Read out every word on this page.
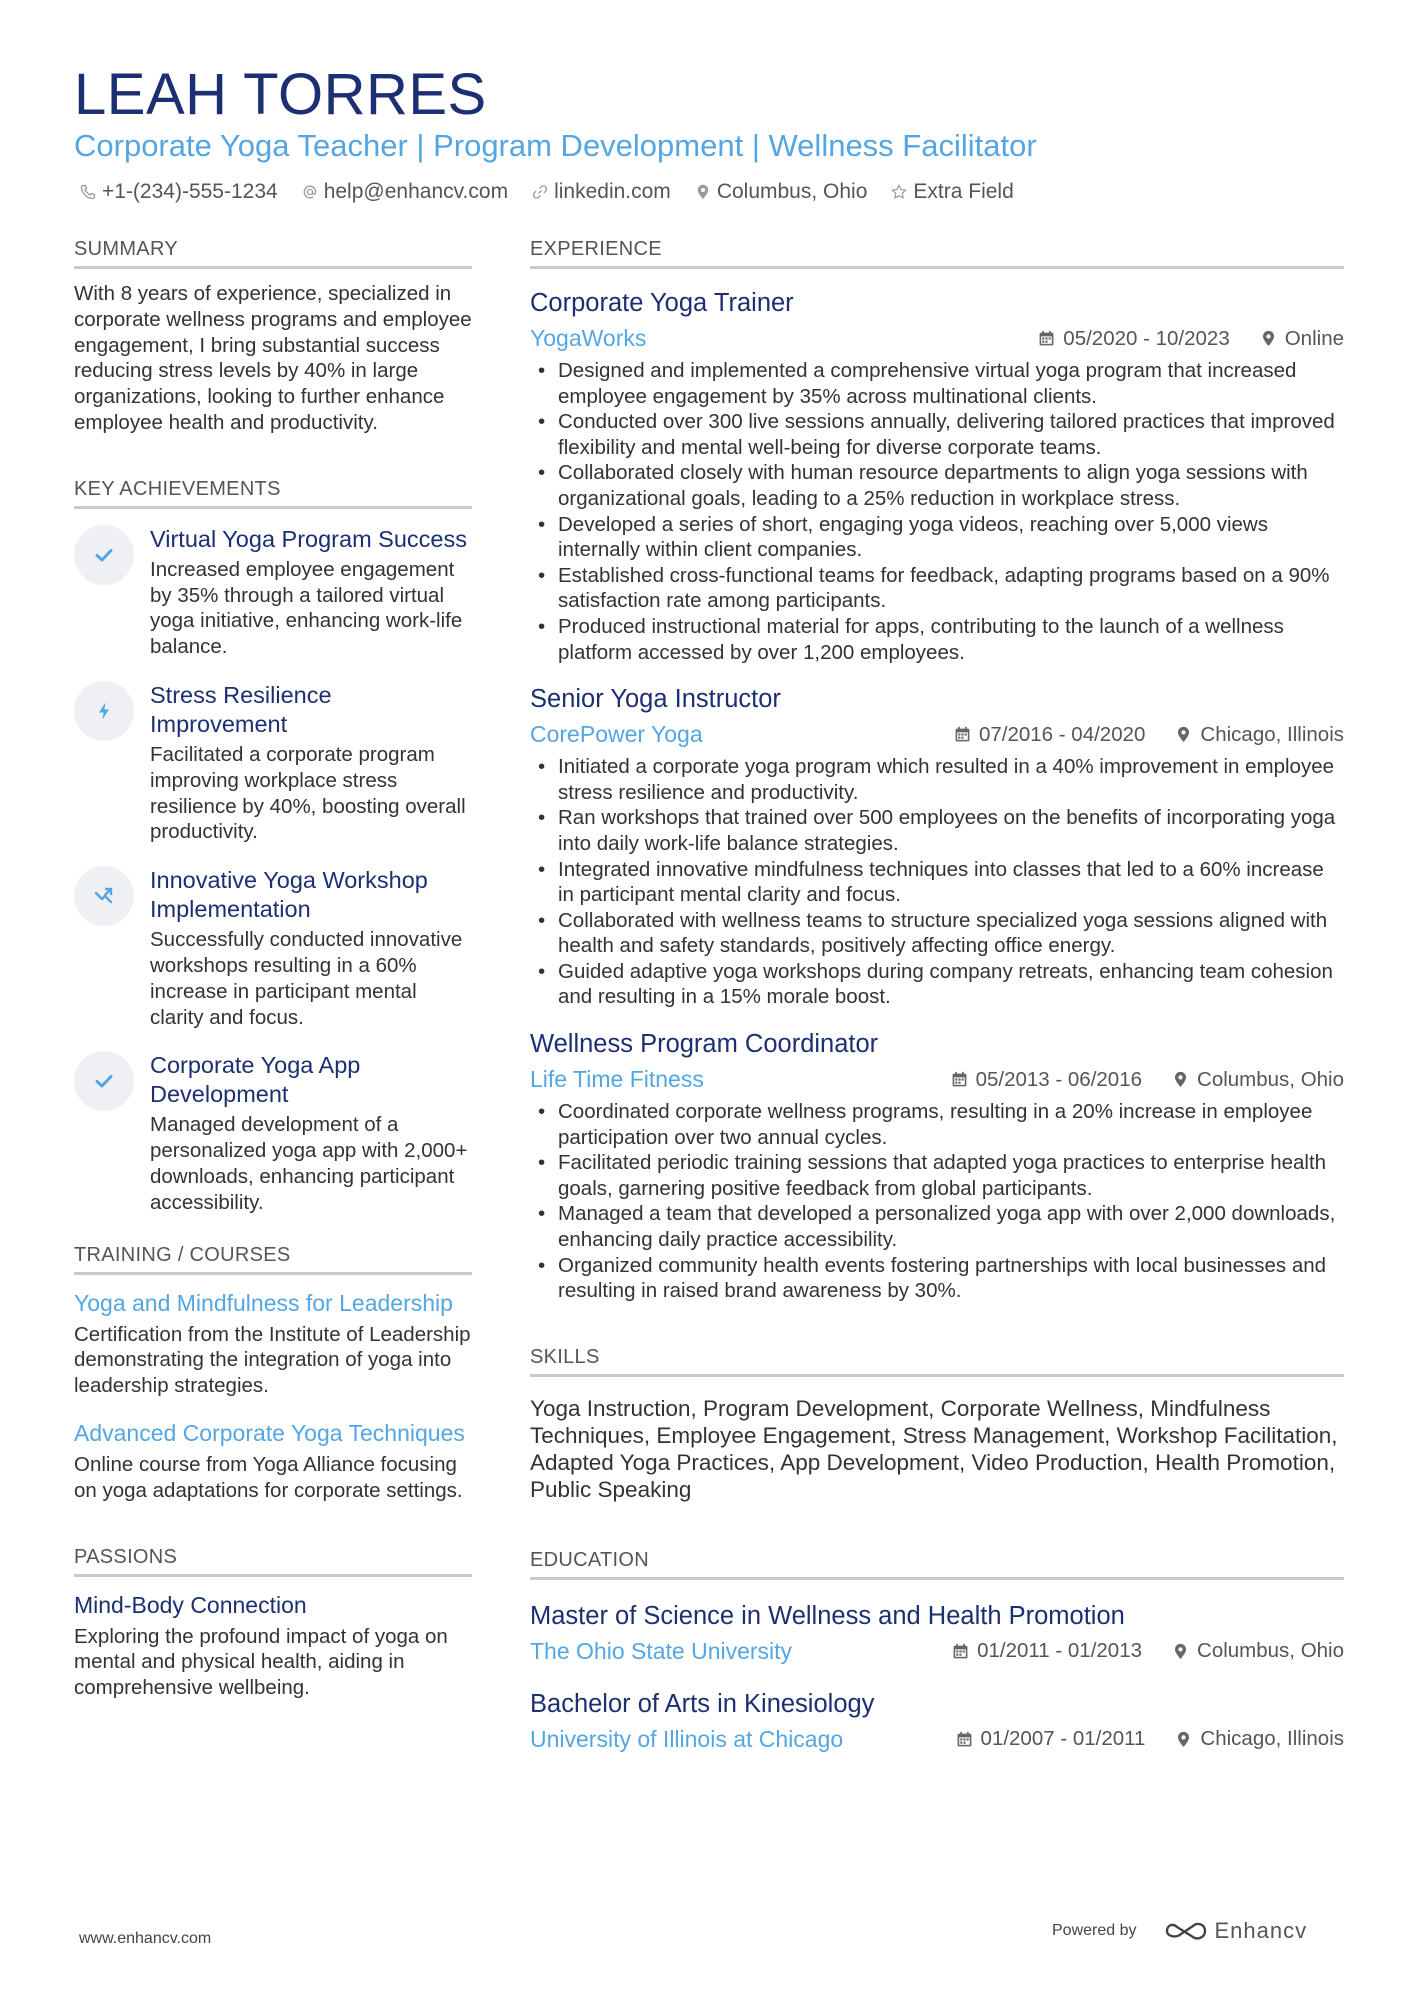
LEAH TORRES
Corporate Yoga Teacher | Program Development | Wellness Facilitator
+1-(234)-555-1234 help@enhancv.com linkedin.com Columbus, Ohio Extra Field
SUMMARY
With 8 years of experience, specialized in corporate wellness programs and employee engagement, I bring substantial success reducing stress levels by 40% in large organizations, looking to further enhance employee health and productivity.
KEY ACHIEVEMENTS
Virtual Yoga Program Success
Increased employee engagement by 35% through a tailored virtual yoga initiative, enhancing work-life balance.
Stress Resilience Improvement
Facilitated a corporate program improving workplace stress resilience by 40%, boosting overall productivity.
Innovative Yoga Workshop Implementation
Successfully conducted innovative workshops resulting in a 60% increase in participant mental clarity and focus.
Corporate Yoga App Development
Managed development of a personalized yoga app with 2,000+ downloads, enhancing participant accessibility.
TRAINING / COURSES
Yoga and Mindfulness for Leadership
Certification from the Institute of Leadership demonstrating the integration of yoga into leadership strategies.
Advanced Corporate Yoga Techniques
Online course from Yoga Alliance focusing on yoga adaptations for corporate settings.
PASSIONS
Mind-Body Connection
Exploring the profound impact of yoga on mental and physical health, aiding in comprehensive wellbeing.
EXPERIENCE
Corporate Yoga Trainer
YogaWorks	05/2020 - 10/2023	Online
• Designed and implemented a comprehensive virtual yoga program that increased employee engagement by 35% across multinational clients.
• Conducted over 300 live sessions annually, delivering tailored practices that improved flexibility and mental well-being for diverse corporate teams.
• Collaborated closely with human resource departments to align yoga sessions with organizational goals, leading to a 25% reduction in workplace stress.
• Developed a series of short, engaging yoga videos, reaching over 5,000 views internally within client companies.
• Established cross-functional teams for feedback, adapting programs based on a 90% satisfaction rate among participants.
• Produced instructional material for apps, contributing to the launch of a wellness platform accessed by over 1,200 employees.
Senior Yoga Instructor
CorePower Yoga	07/2016 - 04/2020	Chicago, Illinois
• Initiated a corporate yoga program which resulted in a 40% improvement in employee stress resilience and productivity.
• Ran workshops that trained over 500 employees on the benefits of incorporating yoga into daily work-life balance strategies.
• Integrated innovative mindfulness techniques into classes that led to a 60% increase in participant mental clarity and focus.
• Collaborated with wellness teams to structure specialized yoga sessions aligned with health and safety standards, positively affecting office energy.
• Guided adaptive yoga workshops during company retreats, enhancing team cohesion and resulting in a 15% morale boost.
Wellness Program Coordinator
Life Time Fitness	05/2013 - 06/2016	Columbus, Ohio
• Coordinated corporate wellness programs, resulting in a 20% increase in employee participation over two annual cycles.
• Facilitated periodic training sessions that adapted yoga practices to enterprise health goals, garnering positive feedback from global participants.
• Managed a team that developed a personalized yoga app with over 2,000 downloads, enhancing daily practice accessibility.
• Organized community health events fostering partnerships with local businesses and resulting in raised brand awareness by 30%.
SKILLS
Yoga Instruction, Program Development, Corporate Wellness, Mindfulness Techniques, Employee Engagement, Stress Management, Workshop Facilitation, Adapted Yoga Practices, App Development, Video Production, Health Promotion, Public Speaking
EDUCATION
Master of Science in Wellness and Health Promotion
The Ohio State University	01/2011 - 01/2013	Columbus, Ohio
Bachelor of Arts in Kinesiology
University of Illinois at Chicago	01/2007 - 01/2011	Chicago, Illinois
www.enhancv.com	Powered by	Enhancv
